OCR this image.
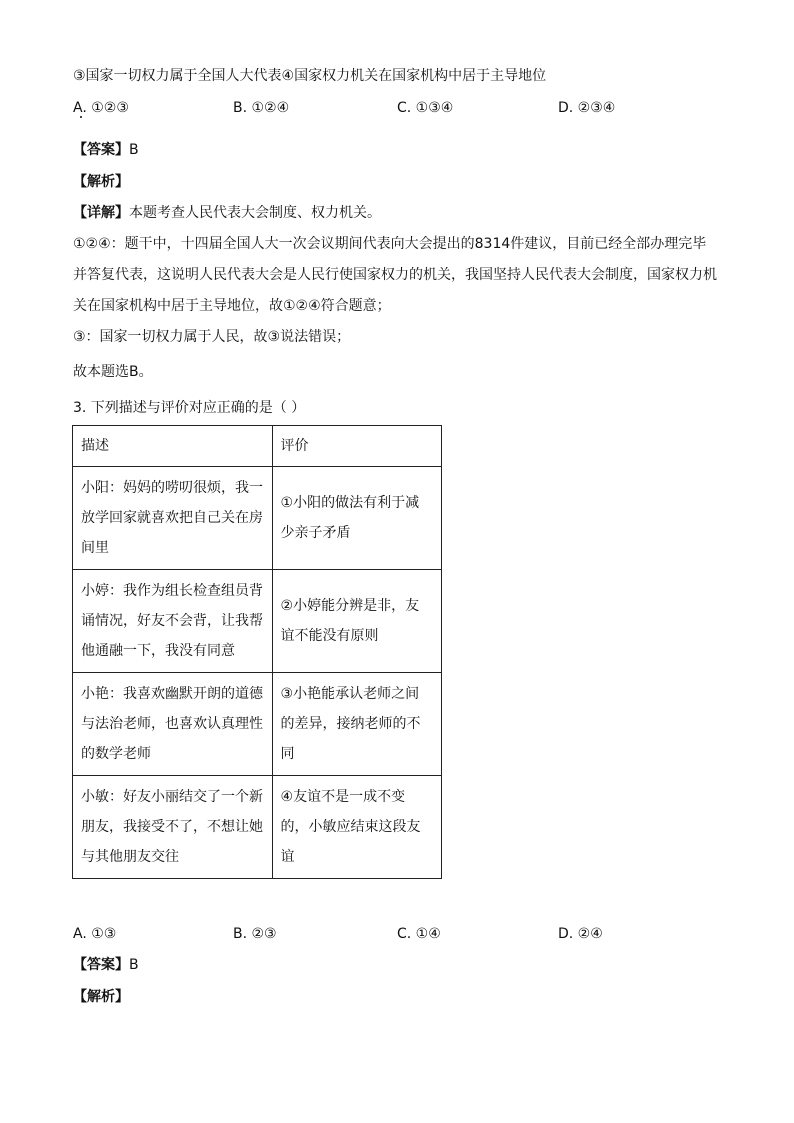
③国家一切权力属于全国人大代表④国家权力机关在国家机构中居于主导地位
A. ①②③	B. ①②④	C. ①③④	D. ②③④
【答案】B
【解析】
【详解】本题考查人民代表大会制度、权力机关。
①②④：题干中，十四届全国人大一次会议期间代表向大会提出的8314件建议，目前已经全部办理完毕
并答复代表，这说明人民代表大会是人民行使国家权力的机关，我国坚持人民代表大会制度，国家权力机
关在国家机构中居于主导地位，故①②④符合题意；
③：国家一切权力属于人民，故③说法错误；
故本题选B。
3. 下列描述与评价对应正确的是（ ）
描述	评价
小阳：妈妈的唠叨很烦，我一放学回家就喜欢把自己关在房间里	①小阳的做法有利于减少亲子矛盾
小婷：我作为组长检查组员背诵情况，好友不会背，让我帮他通融一下，我没有同意	②小婷能分辨是非，友谊不能没有原则
小艳：我喜欢幽默开朗的道德与法治老师，也喜欢认真理性的数学老师	③小艳能承认老师之间的差异，接纳老师的不同
小敏：好友小丽结交了一个新朋友，我接受不了，不想让她与其他朋友交往	④友谊不是一成不变的，小敏应结束这段友谊
A. ①③	B. ②③	C. ①④	D. ②④
【答案】B
【解析】
